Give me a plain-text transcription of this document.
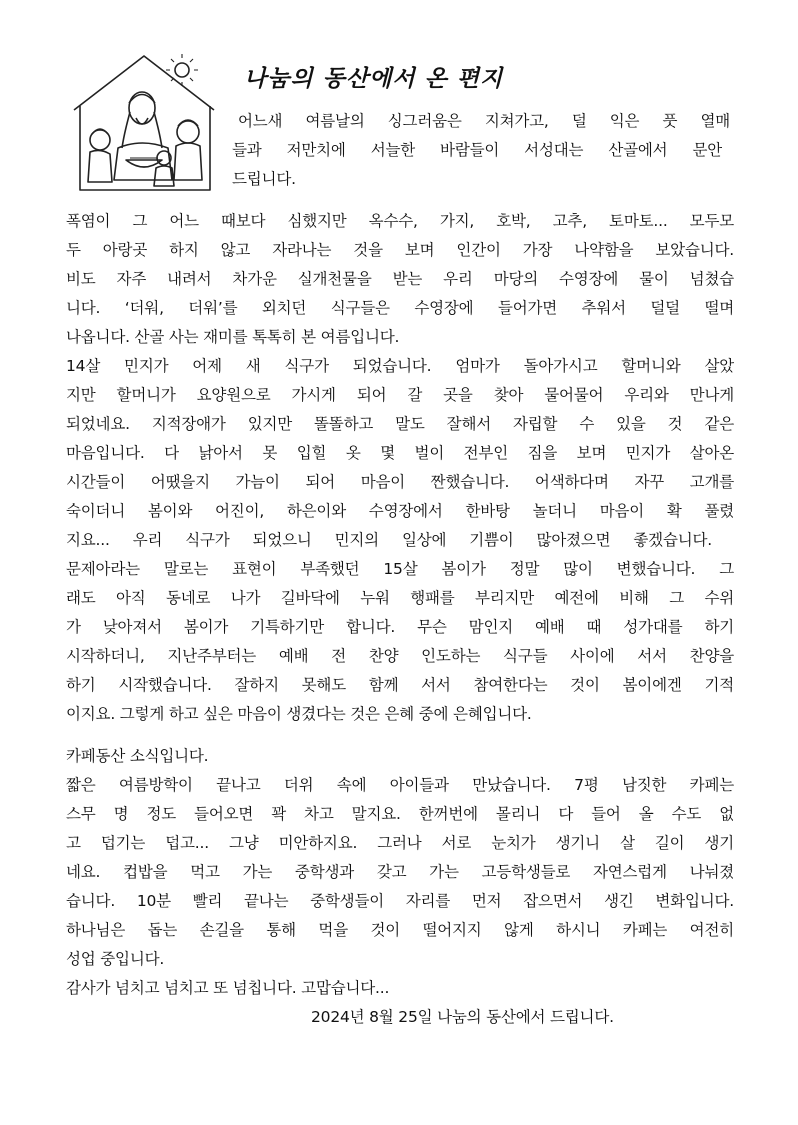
나눔의 동산에서 온 편지
어느새 여름날의 싱그러움은 지쳐가고, 덜 익은 풋 열매
들과 저만치에 서늘한 바람들이 서성대는 산골에서 문안
드립니다.
폭염이 그 어느 때보다 심했지만 옥수수, 가지, 호박, 고추, 토마토... 모두모
두 아랑곳 하지 않고 자라나는 것을 보며 인간이 가장 나약함을 보았습니다.
비도 자주 내려서 차가운 실개천물을 받는 우리 마당의 수영장에 물이 넘쳤습
니다. ‘더워, 더워’를 외치던 식구들은 수영장에 들어가면 추워서 덜덜 떨며
나옵니다. 산골 사는 재미를 톡톡히 본 여름입니다.
14살 민지가 어제 새 식구가 되었습니다. 엄마가 돌아가시고 할머니와 살았
지만 할머니가 요양원으로 가시게 되어 갈 곳을 찾아 물어물어 우리와 만나게
되었네요. 지적장애가 있지만 똘똘하고 말도 잘해서 자립할 수 있을 것 같은
마음입니다. 다 낡아서 못 입힐 옷 몇 벌이 전부인 짐을 보며 민지가 살아온
시간들이 어땠을지 가늠이 되어 마음이 짠했습니다. 어색하다며 자꾸 고개를
숙이더니 봄이와 어진이, 하은이와 수영장에서 한바탕 놀더니 마음이 확 풀렸
지요... 우리 식구가 되었으니 민지의 일상에 기쁨이 많아졌으면 좋겠습니다.
문제아라는 말로는 표현이 부족했던 15살 봄이가 정말 많이 변했습니다. 그
래도 아직 동네로 나가 길바닥에 누워 행패를 부리지만 예전에 비해 그 수위
가 낮아져서 봄이가 기특하기만 합니다. 무슨 맘인지 예배 때 성가대를 하기
시작하더니, 지난주부터는 예배 전 찬양 인도하는 식구들 사이에 서서 찬양을
하기 시작했습니다. 잘하지 못해도 함께 서서 참여한다는 것이 봄이에겐 기적
이지요. 그렇게 하고 싶은 마음이 생겼다는 것은 은혜 중에 은혜입니다.
카페동산 소식입니다.
짧은 여름방학이 끝나고 더위 속에 아이들과 만났습니다. 7평 남짓한 카페는
스무 명 정도 들어오면 꽉 차고 말지요. 한꺼번에 몰리니 다 들어 올 수도 없
고 덥기는 덥고... 그냥 미안하지요. 그러나 서로 눈치가 생기니 살 길이 생기
네요. 컵밥을 먹고 가는 중학생과 갖고 가는 고등학생들로 자연스럽게 나눠졌
습니다. 10분 빨리 끝나는 중학생들이 자리를 먼저 잡으면서 생긴 변화입니다.
하나님은 돕는 손길을 통해 먹을 것이 떨어지지 않게 하시니 카페는 여전히
성업 중입니다.
감사가 넘치고 넘치고 또 넘칩니다. 고맙습니다...
2024년 8월 25일 나눔의 동산에서 드립니다.
